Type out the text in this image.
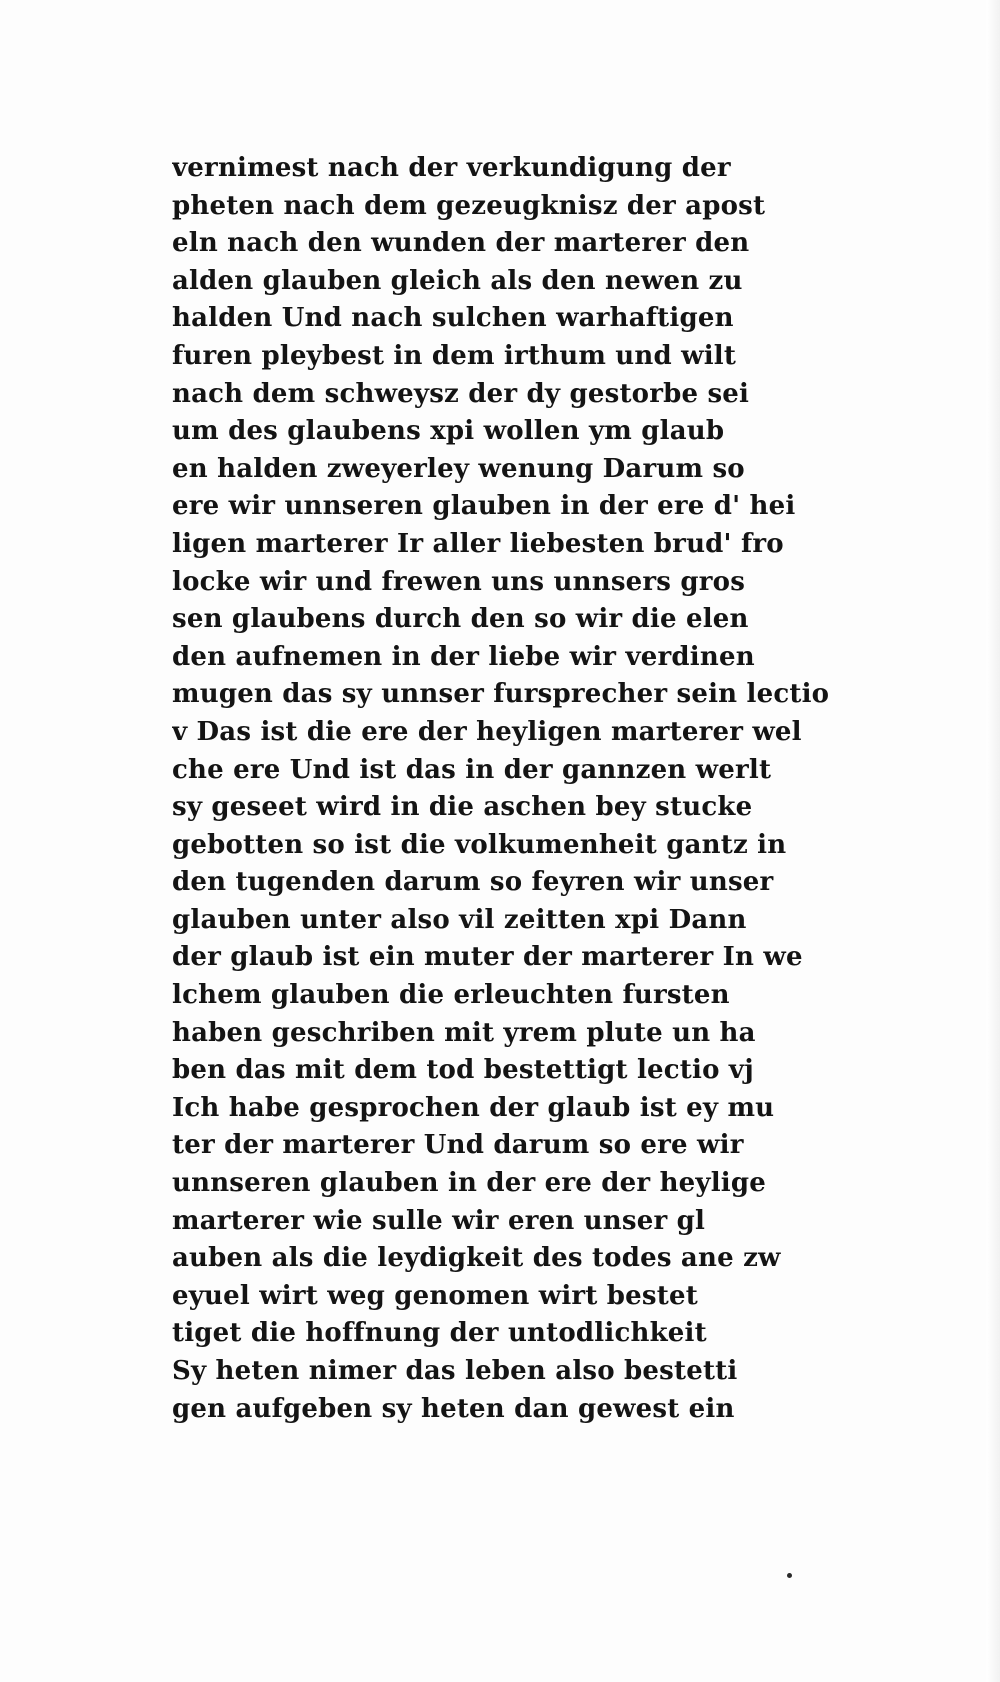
vernimest nach der verkundigung der
pheten nach dem gezeugknisz der apost
eln nach den wunden der marterer den
alden glauben gleich als den newen zu
halden Und nach sulchen warhaftigen
furen pleybest in dem irthum und wilt
nach dem schweysz der dy gestorbe sei
um des glaubens xpi wollen ym glaub
en halden zweyerley wenung Darum so
ere wir unnseren glauben in der ere d' hei
ligen marterer Ir aller liebesten brud' fro
locke wir und frewen uns unnsers gros
sen glaubens durch den so wir die elen
den aufnemen in der liebe wir verdinen
mugen das sy unnser fursprecher sein lectio
v Das ist die ere der heyligen marterer wel
che ere Und ist das in der gannzen werlt
sy geseet wird in die aschen bey stucke
gebotten so ist die volkumenheit gantz in
den tugenden darum so feyren wir unser
glauben unter also vil zeitten xpi Dann
der glaub ist ein muter der marterer In we
lchem glauben die erleuchten fursten
haben geschriben mit yrem plute un ha
ben das mit dem tod bestettigt lectio vj
Ich habe gesprochen der glaub ist ey mu
ter der marterer Und darum so ere wir
unnseren glauben in der ere der heylige
marterer wie sulle wir eren unser gl
auben als die leydigkeit des todes ane zw
eyuel wirt weg genomen wirt bestet
tiget die hoffnung der untodlichkeit
Sy heten nimer das leben also bestetti
gen aufgeben sy heten dan gewest ein
